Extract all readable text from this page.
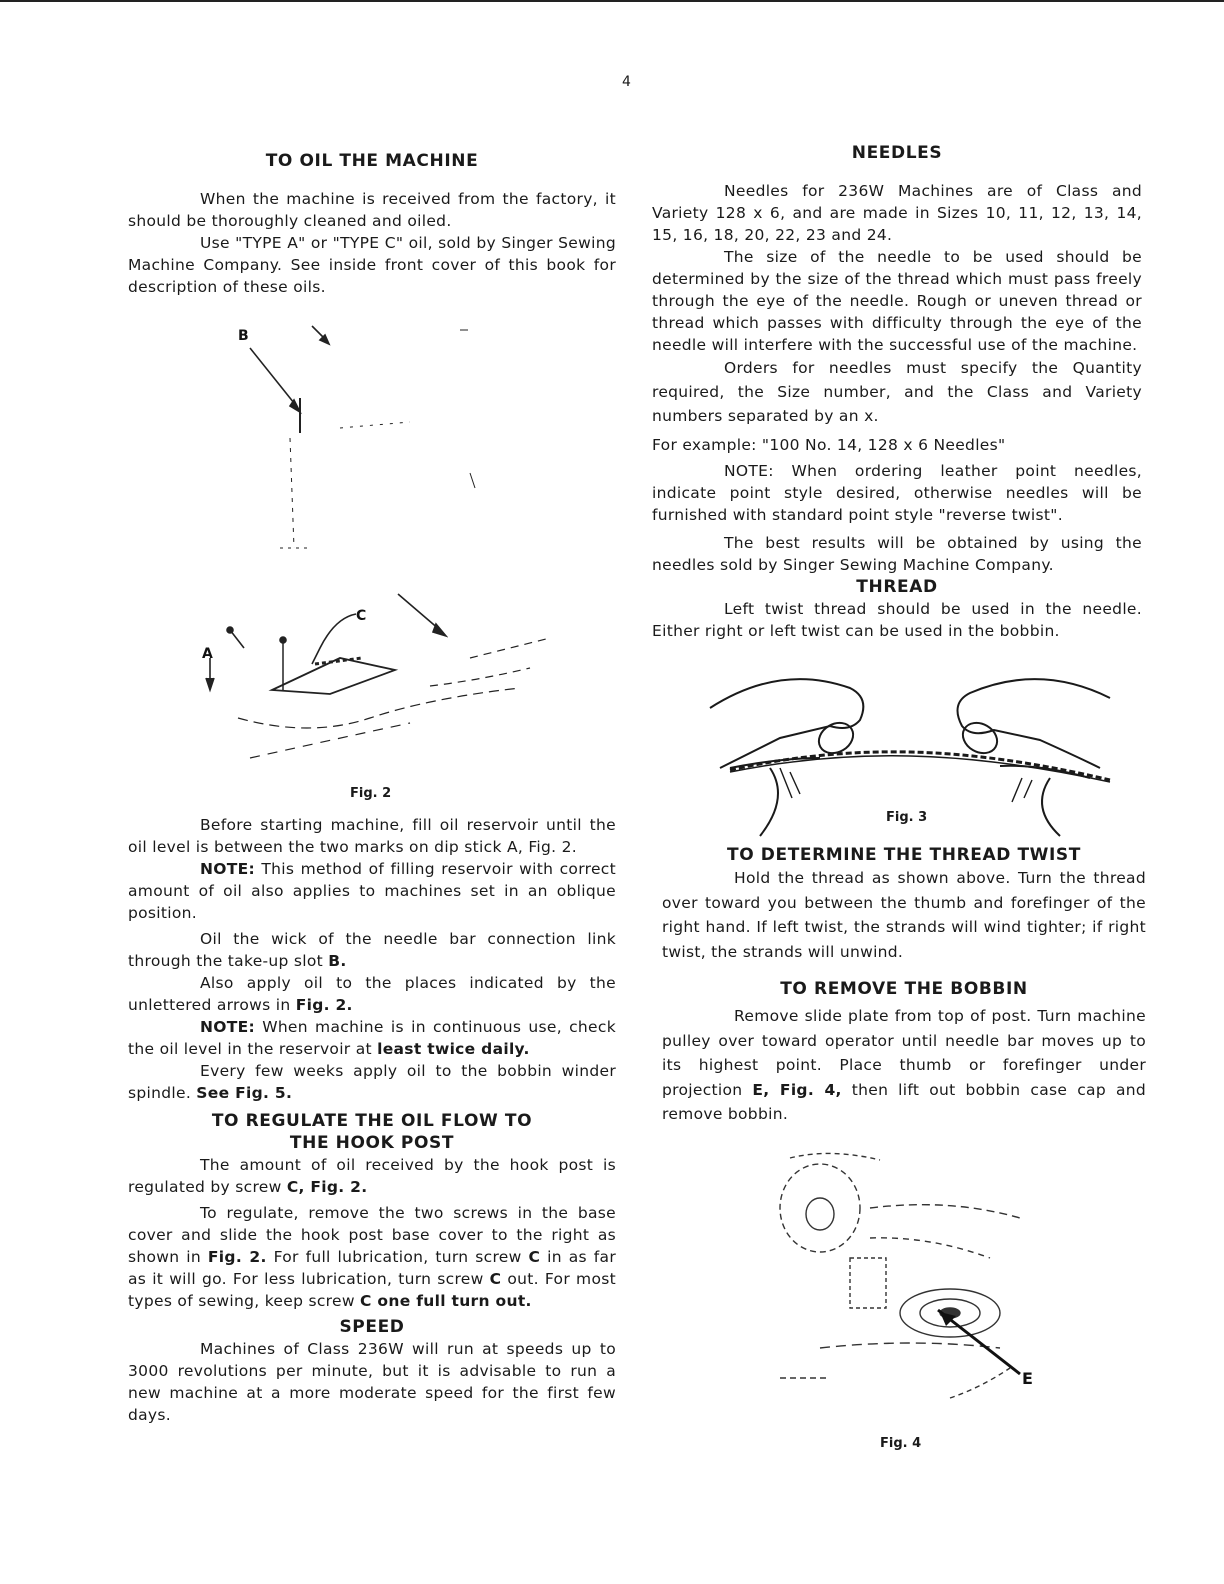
4
TO OIL THE MACHINE

When the machine is received from the factory, it should be thoroughly cleaned and oiled.

Use "TYPE A" or "TYPE C" oil, sold by Singer Sewing Machine Company. See inside front cover of this book for description of these oils.

B
C
A
Fig. 2

Before starting machine, fill oil reservoir until the oil level is between the two marks on dip stick A, Fig. 2.

NOTE: This method of filling reservoir with correct amount of oil also applies to machines set in an oblique position.

Oil the wick of the needle bar connection link through the take-up slot B.

Also apply oil to the places indicated by the unlettered arrows in Fig. 2.

NOTE: When machine is in continuous use, check the oil level in the reservoir at least twice daily.

Every few weeks apply oil to the bobbin winder spindle. See Fig. 5.

TO REGULATE THE OIL FLOW TO
THE HOOK POST

The amount of oil received by the hook post is regulated by screw C, Fig. 2.

To regulate, remove the two screws in the base cover and slide the hook post base cover to the right as shown in Fig. 2. For full lubrication, turn screw C in as far as it will go. For less lubrication, turn screw C out. For most types of sewing, keep screw C one full turn out.

SPEED

Machines of Class 236W will run at speeds up to 3000 revolutions per minute, but it is advisable to run a new machine at a more moderate speed for the first few days.

NEEDLES

Needles for 236W Machines are of Class and Variety 128 x 6, and are made in Sizes 10, 11, 12, 13, 14, 15, 16, 18, 20, 22, 23 and 24.

The size of the needle to be used should be determined by the size of the thread which must pass freely through the eye of the needle. Rough or uneven thread or thread which passes with difficulty through the eye of the needle will interfere with the successful use of the machine.

Orders for needles must specify the Quantity required, the Size number, and the Class and Variety numbers separated by an x.

For example: "100 No. 14, 128 x 6 Needles"

NOTE: When ordering leather point needles, indicate point style desired, otherwise needles will be furnished with standard point style "reverse twist".

The best results will be obtained by using the needles sold by Singer Sewing Machine Company.

THREAD

Left twist thread should be used in the needle. Either right or left twist can be used in the bobbin.

Fig. 3
TO DETERMINE THE THREAD TWIST

Hold the thread as shown above. Turn the thread over toward you between the thumb and forefinger of the right hand. If left twist, the strands will wind tighter; if right twist, the strands will unwind.

TO REMOVE THE BOBBIN

Remove slide plate from top of post. Turn machine pulley over toward operator until needle bar moves up to its highest point. Place thumb or forefinger under projection E, Fig. 4, then lift out bobbin case cap and remove bobbin.

E
Fig. 4
